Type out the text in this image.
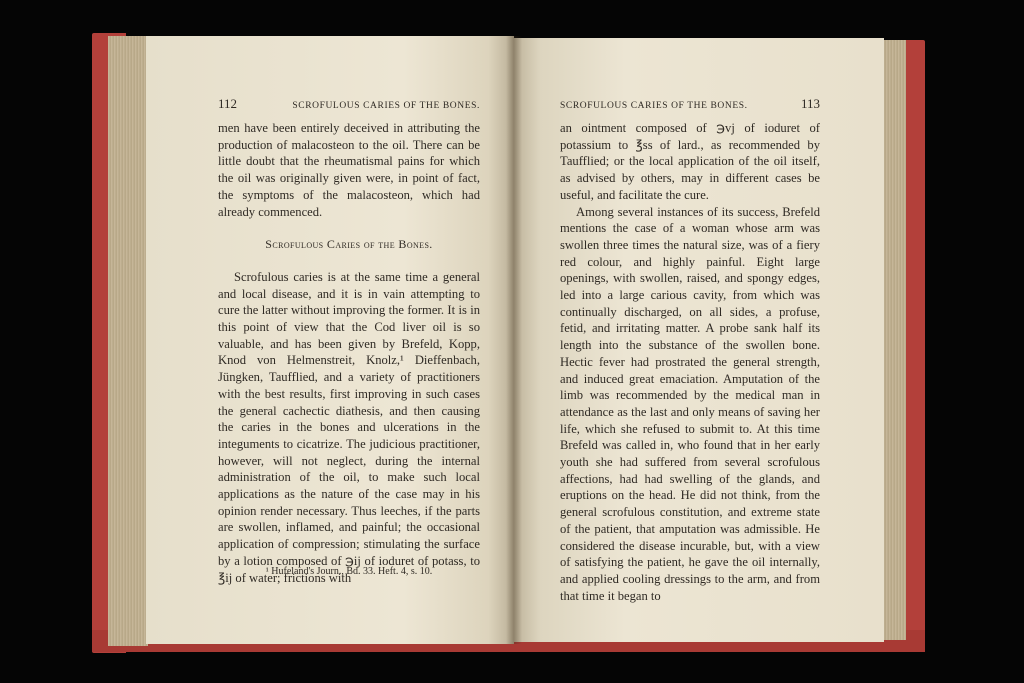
112	SCROFULOUS CARIES OF THE BONES.

men have been entirely deceived in attributing the production of malacosteon to the oil. There can be little doubt that the rheumatismal pains for which the oil was originally given were, in point of fact, the symptoms of the malacosteon, which had already commenced.

Scrofulous Caries of the Bones.

Scrofulous caries is at the same time a general and local disease, and it is in vain attempting to cure the latter without improving the former. It is in this point of view that the Cod liver oil is so valuable, and has been given by Brefeld, Kopp, Knod von Helmenstreit, Knolz,¹ Dieffenbach, Jüngken, Taufflied, and a variety of practitioners with the best results, first improving in such cases the general cachectic diathesis, and then causing the caries in the bones and ulcerations in the integuments to cicatrize. The judicious practitioner, however, will not neglect, during the internal administration of the oil, to make such local applications as the nature of the case may in his opinion render necessary. Thus leeches, if the parts are swollen, inflamed, and painful; the occasional application of compression; stimulating the surface by a lotion composed of ℈ij of ioduret of potass, to ℥ij of water; frictions with

¹ Hufeland's Journ., Bd. 33. Heft. 4, s. 10.
SCROFULOUS CARIES OF THE BONES.	113

an ointment composed of ℈vj of ioduret of potassium to ℥ss of lard., as recommended by Taufflied; or the local application of the oil itself, as advised by others, may in different cases be useful, and facilitate the cure.

Among several instances of its success, Brefeld mentions the case of a woman whose arm was swollen three times the natural size, was of a fiery red colour, and highly painful. Eight large openings, with swollen, raised, and spongy edges, led into a large carious cavity, from which was continually discharged, on all sides, a profuse, fetid, and irritating matter. A probe sank half its length into the substance of the swollen bone. Hectic fever had prostrated the general strength, and induced great emaciation. Amputation of the limb was recommended by the medical man in attendance as the last and only means of saving her life, which she refused to submit to. At this time Brefeld was called in, who found that in her early youth she had suffered from several scrofulous affections, had had swelling of the glands, and eruptions on the head. He did not think, from the general scrofulous constitution, and extreme state of the patient, that amputation was admissible. He considered the disease incurable, but, with a view of satisfying the patient, he gave the oil internally, and applied cooling dressings to the arm, and from that time it began to
